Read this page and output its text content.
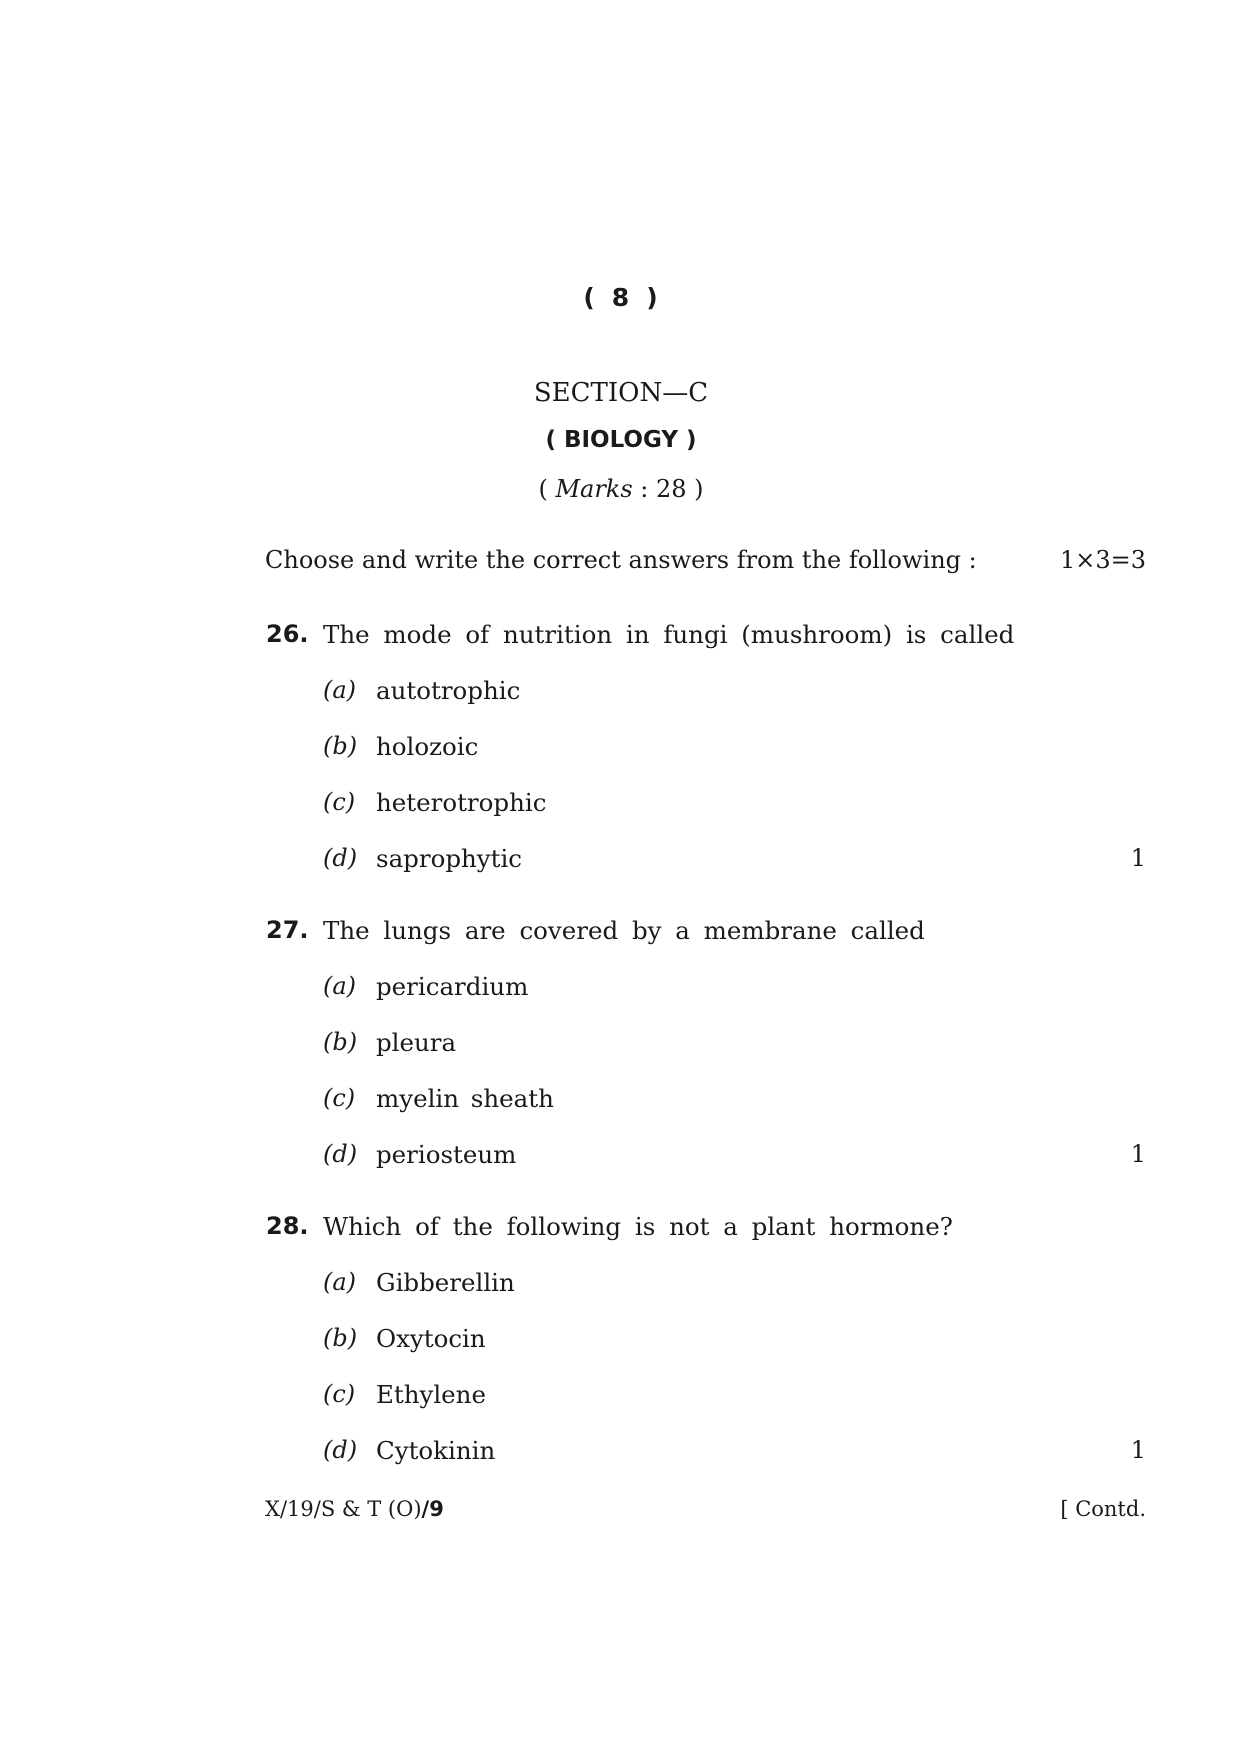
( 8 )
SECTION—C
( BIOLOGY )
( Marks : 28 )
Choose and write the correct answers from the following :	1×3=3
26. The mode of nutrition in fungi (mushroom) is called
(a) autotrophic
(b) holozoic
(c) heterotrophic
(d) saprophytic	1
27. The lungs are covered by a membrane called
(a) pericardium
(b) pleura
(c) myelin sheath
(d) periosteum	1
28. Which of the following is not a plant hormone?
(a) Gibberellin
(b) Oxytocin
(c) Ethylene
(d) Cytokinin	1
X/19/S & T (O)/9	[ Contd.
